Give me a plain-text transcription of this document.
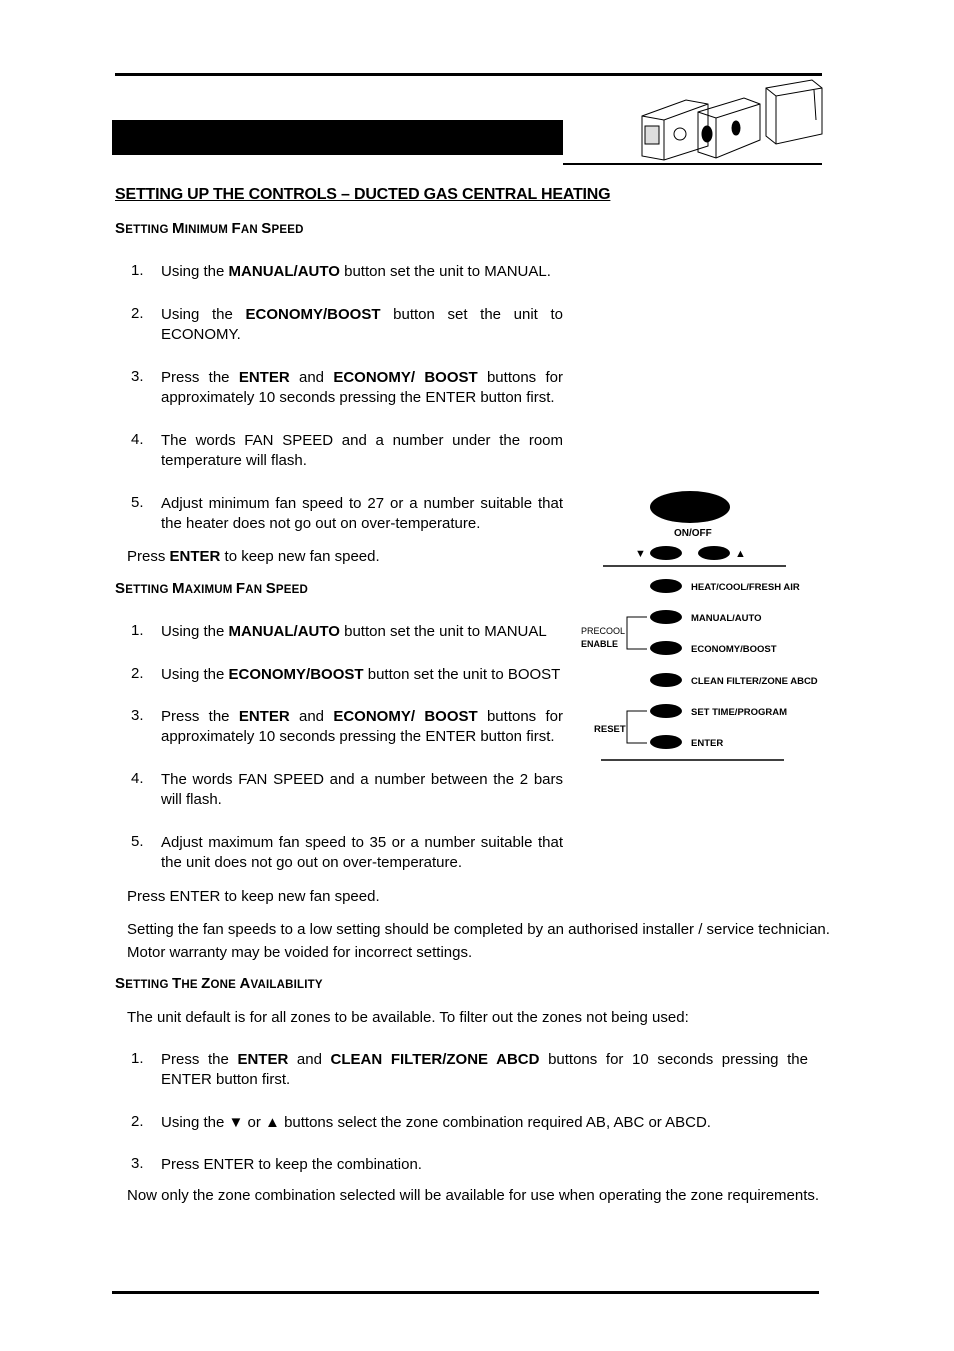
SETTING UP THE CONTROLS – DUCTED GAS CENTRAL HEATING
SETTING MINIMUM FAN SPEED
1. Using the MANUAL/AUTO button set the unit to MANUAL.
2. Using the ECONOMY/BOOST button set the unit to ECONOMY.
3. Press the ENTER and ECONOMY/ BOOST buttons for approximately 10 seconds pressing the ENTER button first.
4. The words FAN SPEED and a number under the room temperature will flash.
5. Adjust minimum fan speed to 27 or a number suitable that the heater does not go out on over-temperature.
Press ENTER to keep new fan speed.
SETTING MAXIMUM FAN SPEED
1. Using the MANUAL/AUTO button set the unit to MANUAL
2. Using the ECONOMY/BOOST button set the unit to BOOST
3. Press the ENTER and ECONOMY/ BOOST buttons for approximately 10 seconds pressing the ENTER button first.
4. The words FAN SPEED and a number between the 2 bars will flash.
5. Adjust maximum fan speed to 35 or a number suitable that the unit does not go out on over-temperature.
Press ENTER to keep new fan speed.
Setting the fan speeds to a low setting should be completed by an authorised installer / service technician.
Motor warranty may be voided for incorrect settings.
SETTING THE ZONE AVAILABILITY
The unit default is for all zones to be available. To filter out the zones not being used:
1. Press the ENTER and CLEAN FILTER/ZONE ABCD buttons for 10 seconds pressing the ENTER button first.
2. Using the ▼ or ▲ buttons select the zone combination required AB, ABC or ABCD.
3. Press ENTER to keep the combination.
Now only the zone combination selected will be available for use when operating the zone requirements.
ON/OFF
▼	▲
HEAT/COOL/FRESH AIR
MANUAL/AUTO
ECONOMY/BOOST
CLEAN FILTER/ZONE ABCD
SET TIME/PROGRAM
ENTER
PRECOOL
ENABLE
RESET
